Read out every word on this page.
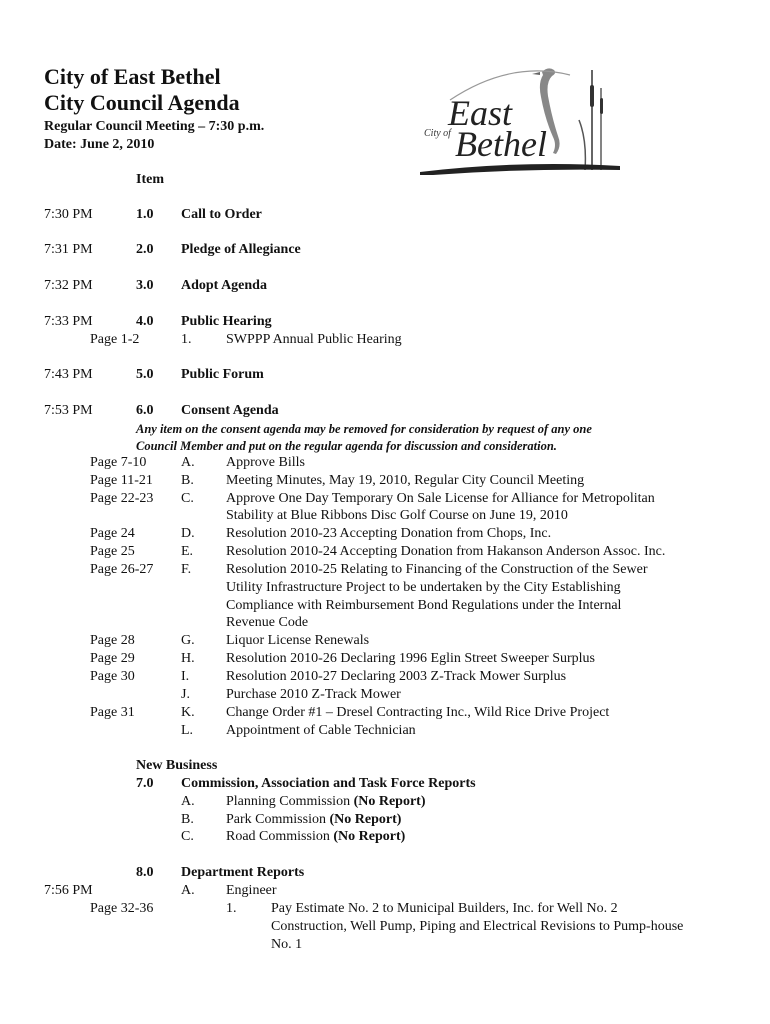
City of East Bethel
City Council Agenda
Regular Council Meeting – 7:30 p.m.
Date: June 2, 2010
East
City of Bethel
Item
7:30 PM	1.0 Call to Order
7:31 PM	2.0 Pledge of Allegiance
7:32 PM	3.0 Adopt Agenda
7:33 PM	4.0 Public Hearing
Page 1-2	1. SWPPP Annual Public Hearing
7:43 PM	5.0 Public Forum
7:53 PM	6.0 Consent Agenda
Any item on the consent agenda may be removed for consideration by request of any one
Council Member and put on the regular agenda for discussion and consideration.
Page 7-10 A. Approve Bills
Page 11-21 B. Meeting Minutes, May 19, 2010, Regular City Council Meeting
Page 22-23 C. Approve One Day Temporary On Sale License for Alliance for Metropolitan
Stability at Blue Ribbons Disc Golf Course on June 19, 2010
Page 24	D. Resolution 2010-23 Accepting Donation from Chops, Inc.
Page 25	E. Resolution 2010-24 Accepting Donation from Hakanson Anderson Assoc. Inc.
Page 26-27 F. Resolution 2010-25 Relating to Financing of the Construction of the Sewer
Utility Infrastructure Project to be undertaken by the City Establishing
Compliance with Reimbursement Bond Regulations under the Internal
Revenue Code
Page 28	G. Liquor License Renewals
Page 29	H. Resolution 2010-26 Declaring 1996 Eglin Street Sweeper Surplus
Page 30	I.	Resolution 2010-27 Declaring 2003 Z-Track Mower Surplus
J.	Purchase 2010 Z-Track Mower
Page 31	K. Change Order #1 – Dresel Contracting Inc., Wild Rice Drive Project
L. Appointment of Cable Technician
New Business
7.0 Commission, Association and Task Force Reports
A. Planning Commission (No Report)
B. Park Commission (No Report)
C. Road Commission (No Report)
8.0 Department Reports
7:56 PM	A. Engineer
Page 32-36	1. Pay Estimate No. 2 to Municipal Builders, Inc. for Well No. 2
Construction, Well Pump, Piping and Electrical Revisions to Pump-house
No. 1
